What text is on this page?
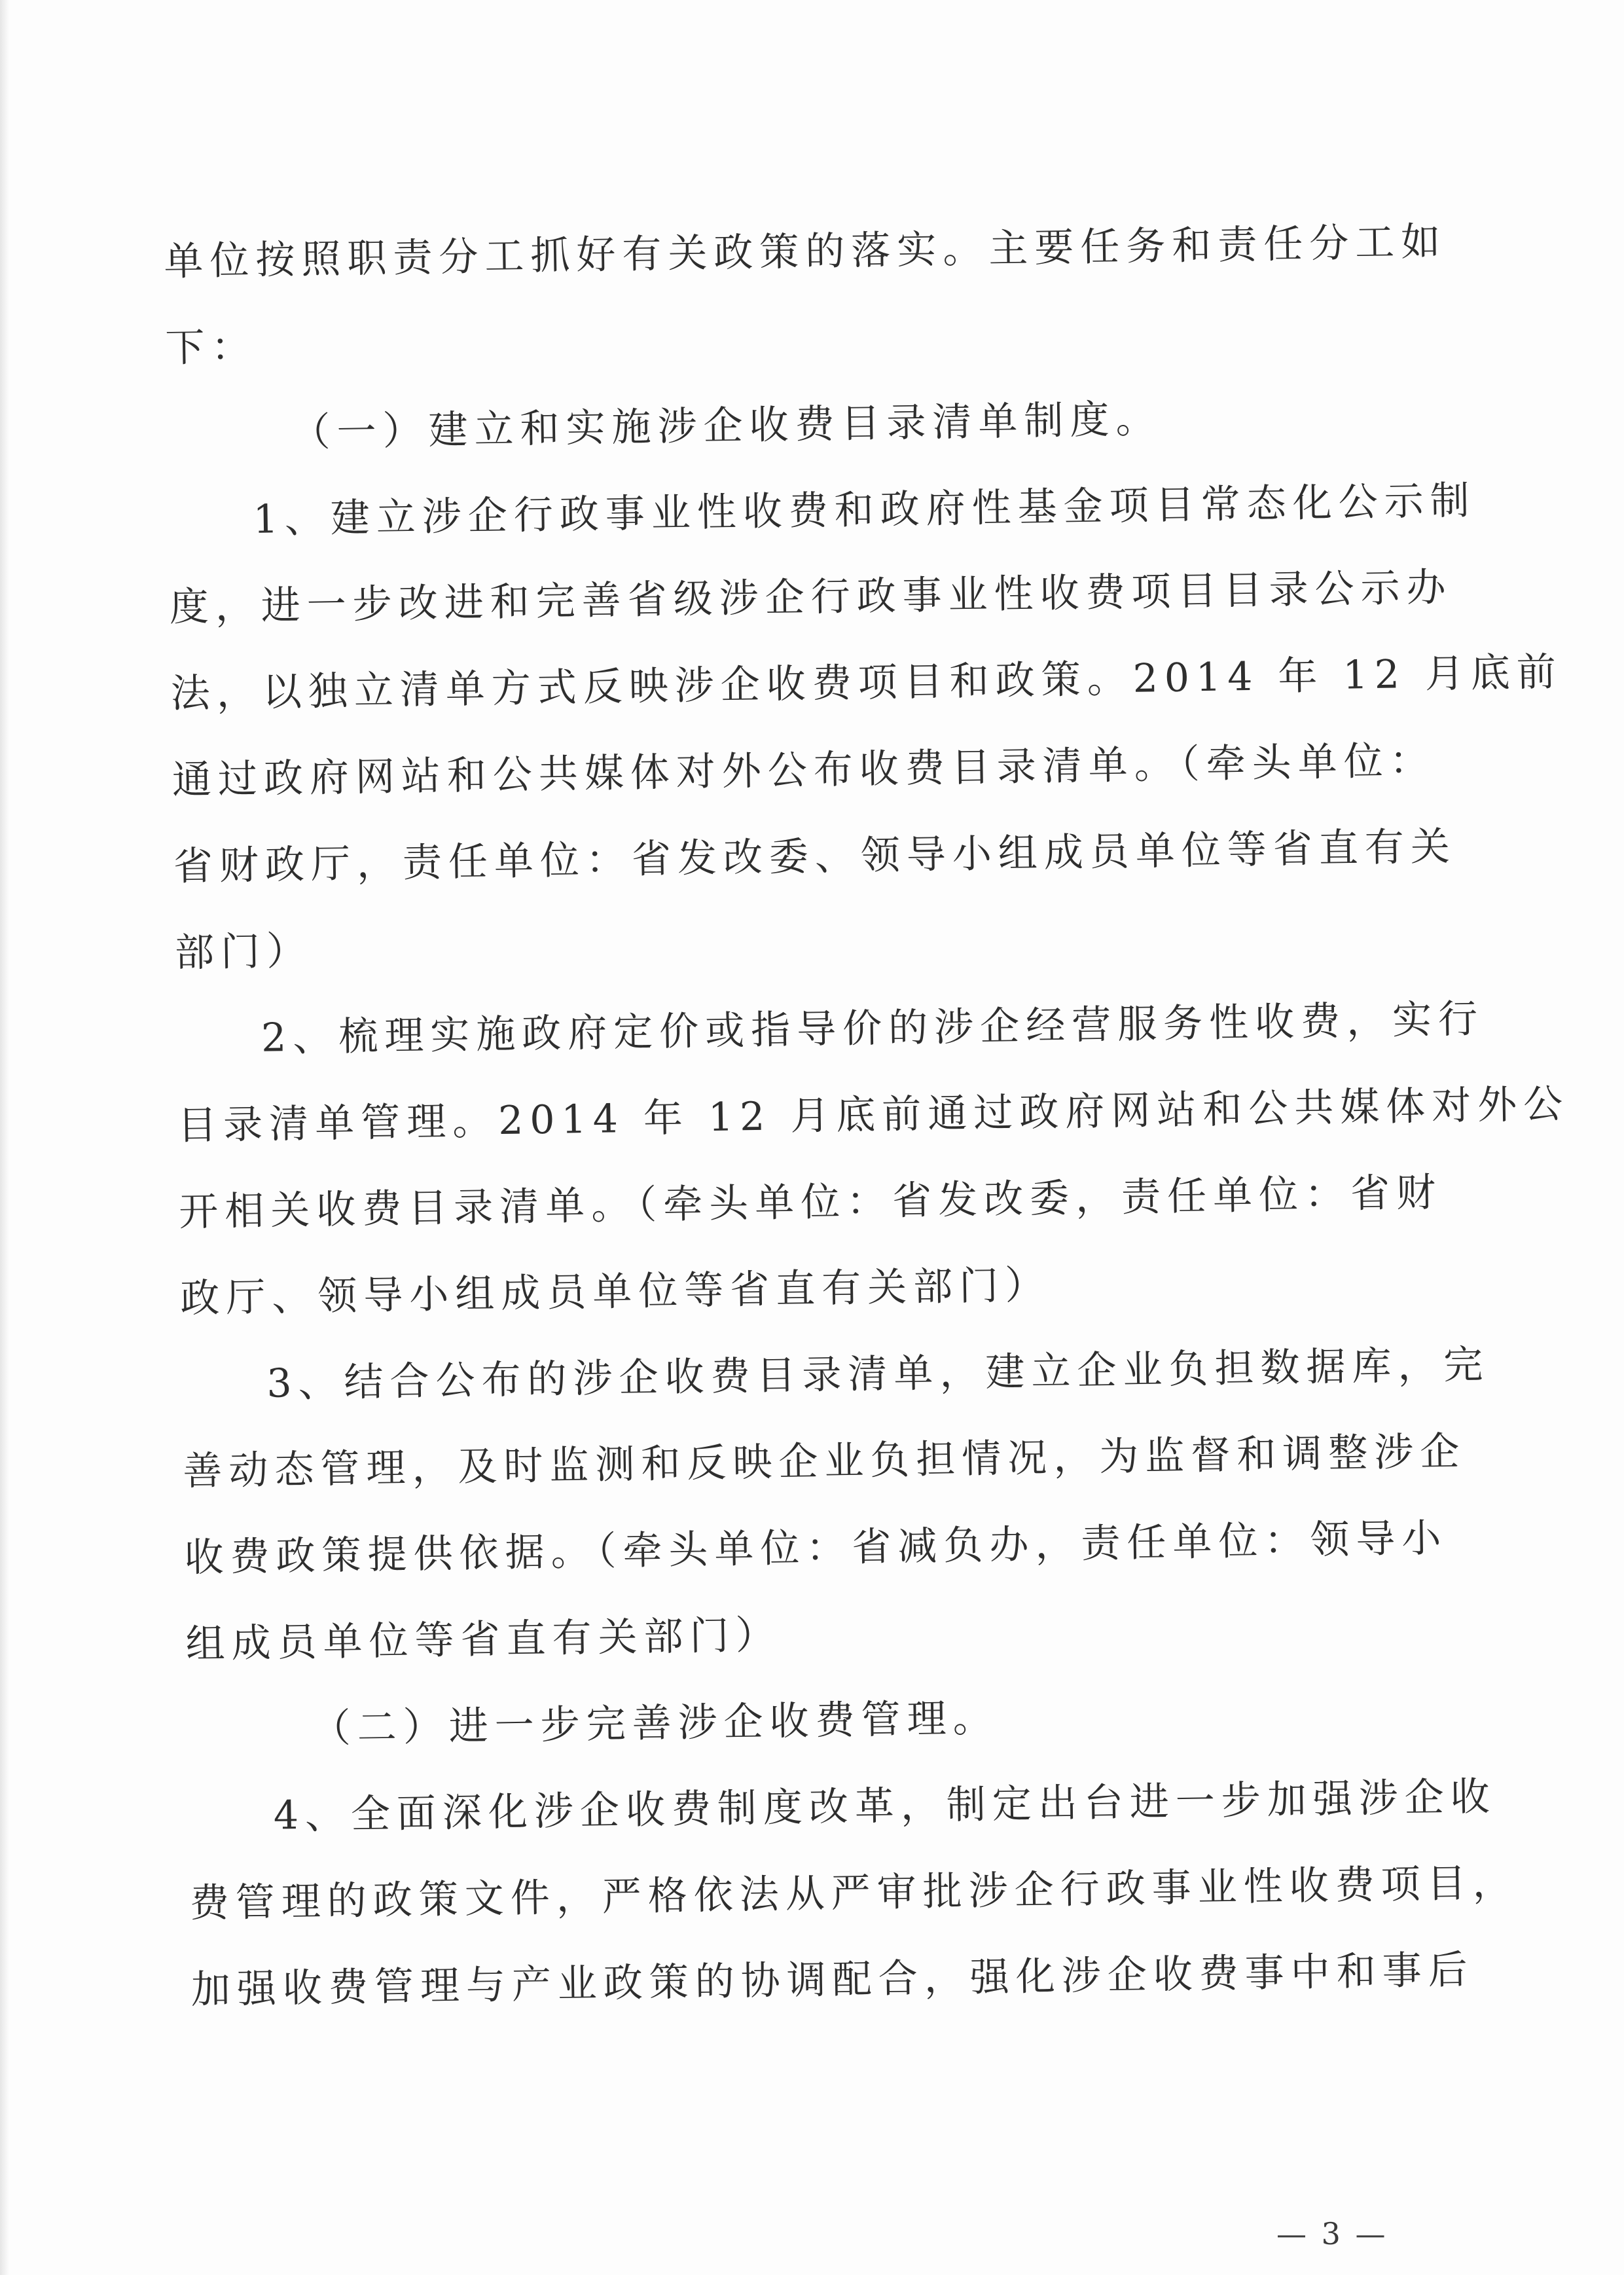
单位按照职责分工抓好有关政策的落实。主要任务和责任分工如
下：
（一）建立和实施涉企收费目录清单制度。
1、建立涉企行政事业性收费和政府性基金项目常态化公示制
度，进一步改进和完善省级涉企行政事业性收费项目目录公示办
法，以独立清单方式反映涉企收费项目和政策。2014 年 12 月底前
通过政府网站和公共媒体对外公布收费目录清单。（牵头单位：
省财政厅，责任单位：省发改委、领导小组成员单位等省直有关
部门）
2、梳理实施政府定价或指导价的涉企经营服务性收费，实行
目录清单管理。2014 年 12 月底前通过政府网站和公共媒体对外公
开相关收费目录清单。（牵头单位：省发改委，责任单位：省财
政厅、领导小组成员单位等省直有关部门）
3、结合公布的涉企收费目录清单，建立企业负担数据库，完
善动态管理，及时监测和反映企业负担情况，为监督和调整涉企
收费政策提供依据。（牵头单位：省减负办，责任单位：领导小
组成员单位等省直有关部门）
（二）进一步完善涉企收费管理。
4、全面深化涉企收费制度改革，制定出台进一步加强涉企收
费管理的政策文件，严格依法从严审批涉企行政事业性收费项目，
加强收费管理与产业政策的协调配合，强化涉企收费事中和事后
— 3 —
